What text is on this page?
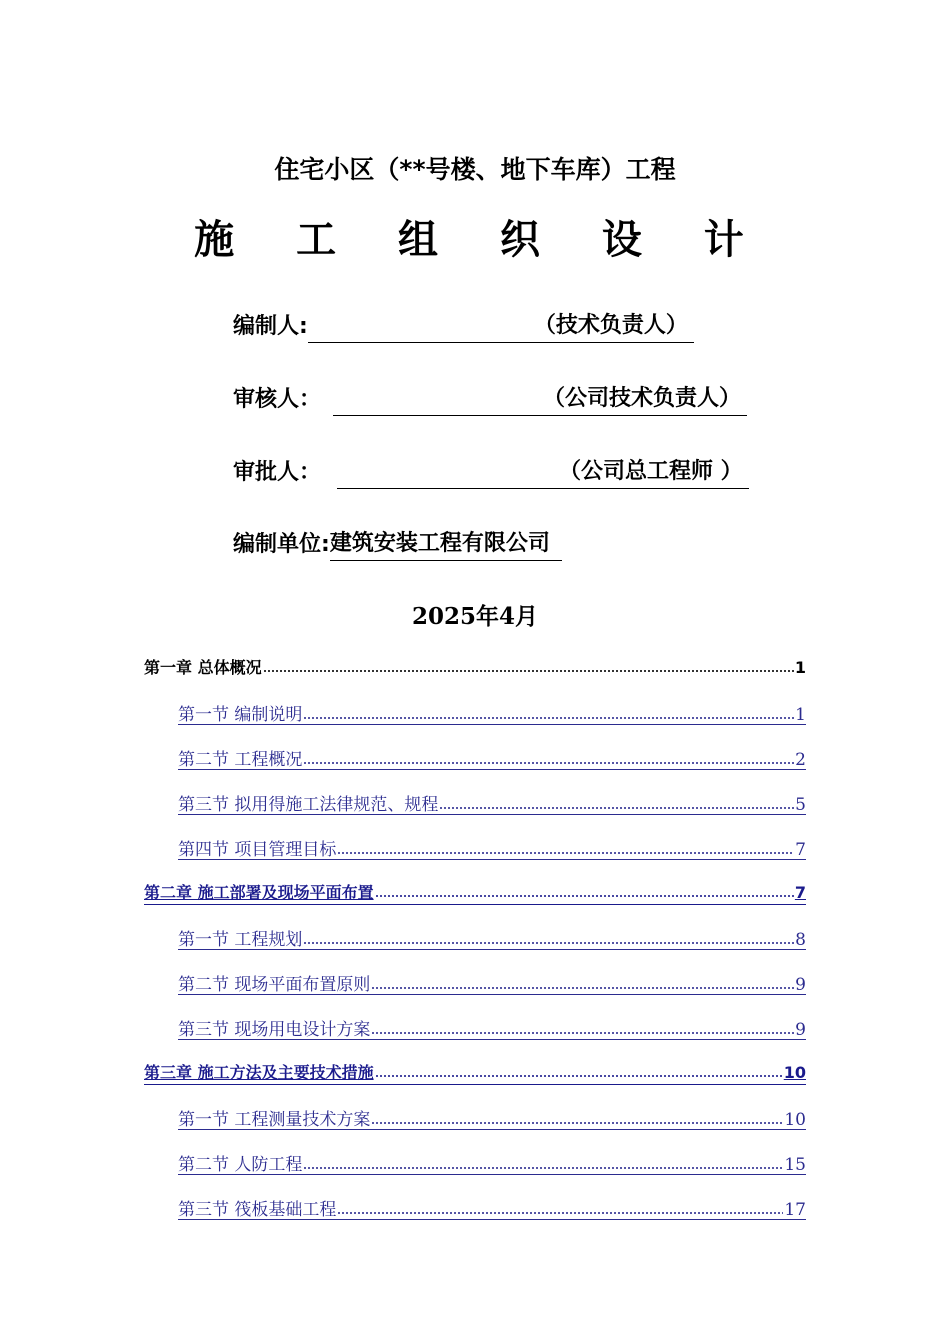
住宅小区（**号楼、地下车库）工程
施 工 组 织 设 计
编制人:	（技术负责人）
审核人：	（公司技术负责人）
审批人：	（公司总工程师 ）
编制单位:建筑安装工程有限公司
2025年4月
第一章 总体概况	1
第一节 编制说明	1
第二节 工程概况	2
第三节 拟用得施工法律规范、规程	5
第四节 项目管理目标	7
第二章 施工部署及现场平面布置	7
第一节 工程规划	8
第二节 现场平面布置原则	9
第三节 现场用电设计方案	9
第三章 施工方法及主要技术措施	10
第一节 工程测量技术方案	10
第二节 人防工程	15
第三节 筏板基础工程	17
